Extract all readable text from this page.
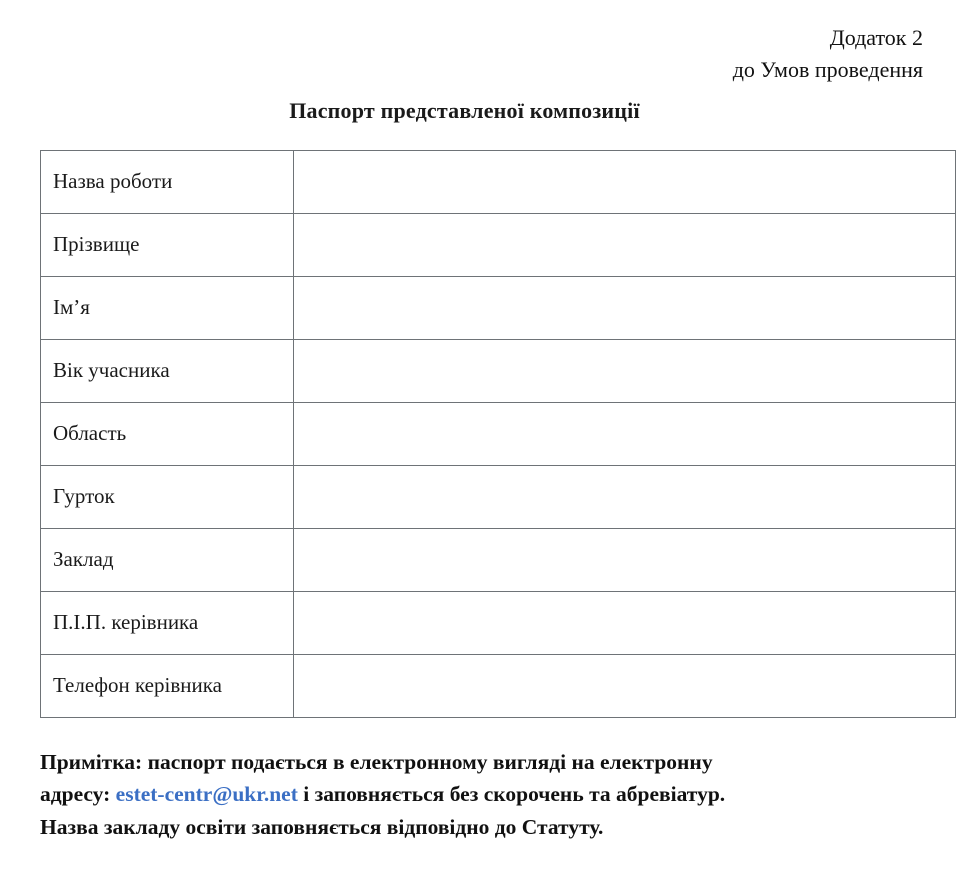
Додаток 2
до Умов проведення
Паспорт представленої композиції
Назва роботи	
Прізвище	
Ім’я	
Вік учасника	
Область	
Гурток	
Заклад	
П.І.П. керівника	
Телефон керівника	
Примітка: паспорт подається в електронному вигляді на електронну
адресу: estet-centr@ukr.net і заповняється без скорочень та абревіатур.
Назва закладу освіти заповняється відповідно до Статуту.
